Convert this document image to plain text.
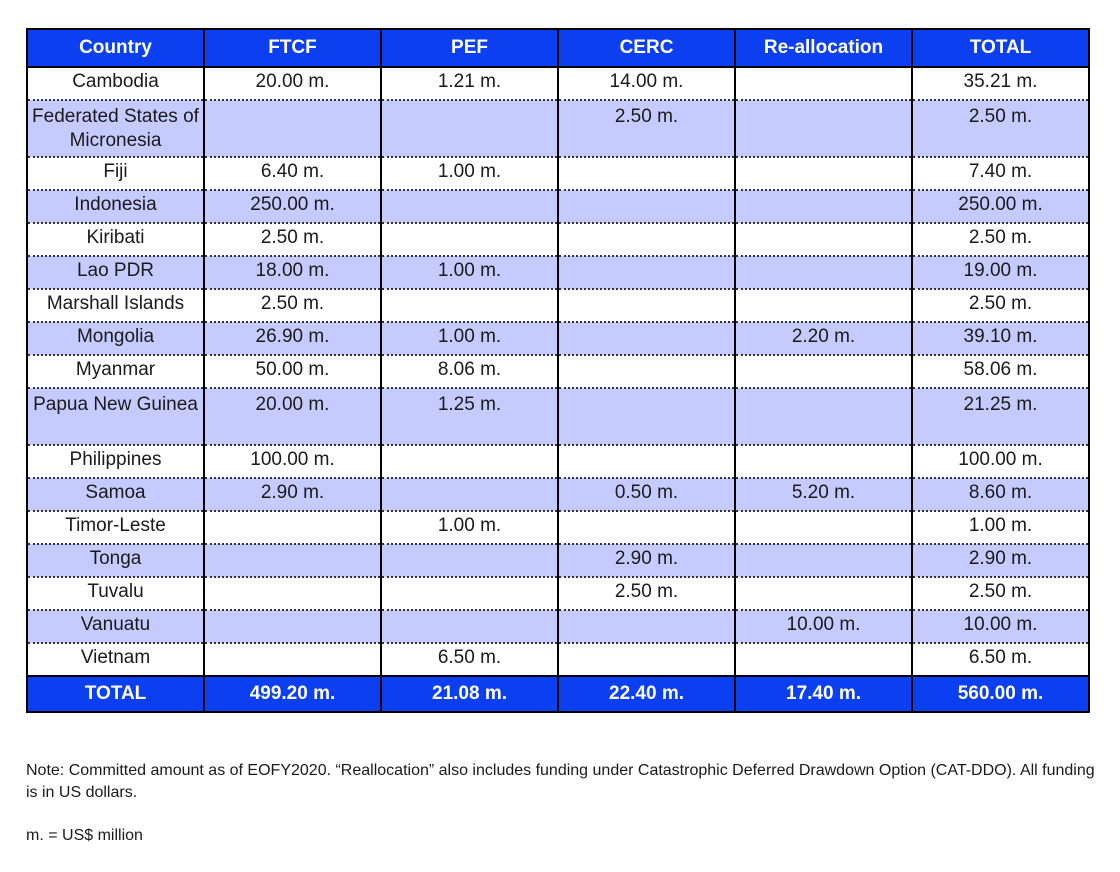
Country	FTCF	PEF	CERC	Re-allocation	TOTAL
Cambodia	20.00 m.	1.21 m.	14.00 m.		35.21 m.
Federated States of Micronesia			2.50 m.		2.50 m.
Fiji	6.40 m.	1.00 m.			7.40 m.
Indonesia	250.00 m.				250.00 m.
Kiribati	2.50 m.				2.50 m.
Lao PDR	18.00 m.	1.00 m.			19.00 m.
Marshall Islands	2.50 m.				2.50 m.
Mongolia	26.90 m.	1.00 m.		2.20 m.	39.10 m.
Myanmar	50.00 m.	8.06 m.			58.06 m.
Papua New Guinea	20.00 m.	1.25 m.			21.25 m.
Philippines	100.00 m.				100.00 m.
Samoa	2.90 m.		0.50 m.	5.20 m.	8.60 m.
Timor-Leste		1.00 m.			1.00 m.
Tonga			2.90 m.		2.90 m.
Tuvalu			2.50 m.		2.50 m.
Vanuatu				10.00 m.	10.00 m.
Vietnam		6.50 m.			6.50 m.
TOTAL	499.20 m.	21.08 m.	22.40 m.	17.40 m.	560.00 m.

Note: Committed amount as of EOFY2020. “Reallocation” also includes funding under Catastrophic Deferred Drawdown Option (CAT-DDO). All funding is in US dollars.

m. = US$ million
